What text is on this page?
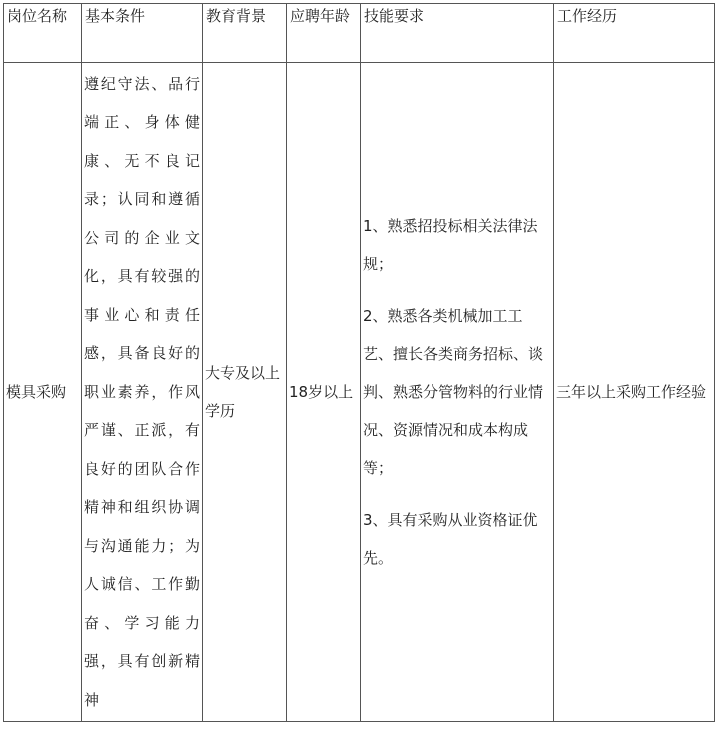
岗位名称	基本条件	教育背景	应聘年龄	技能要求	工作经历

模具采购	遵纪守法、品行端正、身体健康、无不良记录；认同和遵循公司的企业文化，具有较强的事业心和责任感，具备良好的职业素养，作风严谨、正派，有良好的团队合作精神和组织协调与沟通能力；为人诚信、工作勤奋、学习能力强，具有创新精神	大专及以上学历	18岁以上	1、熟悉招投标相关法律法规；
2、熟悉各类机械加工工艺、擅长各类商务招标、谈判、熟悉分管物料的行业情况、资源情况和成本构成等；
3、具有采购从业资格证优先。	三年以上采购工作经验
